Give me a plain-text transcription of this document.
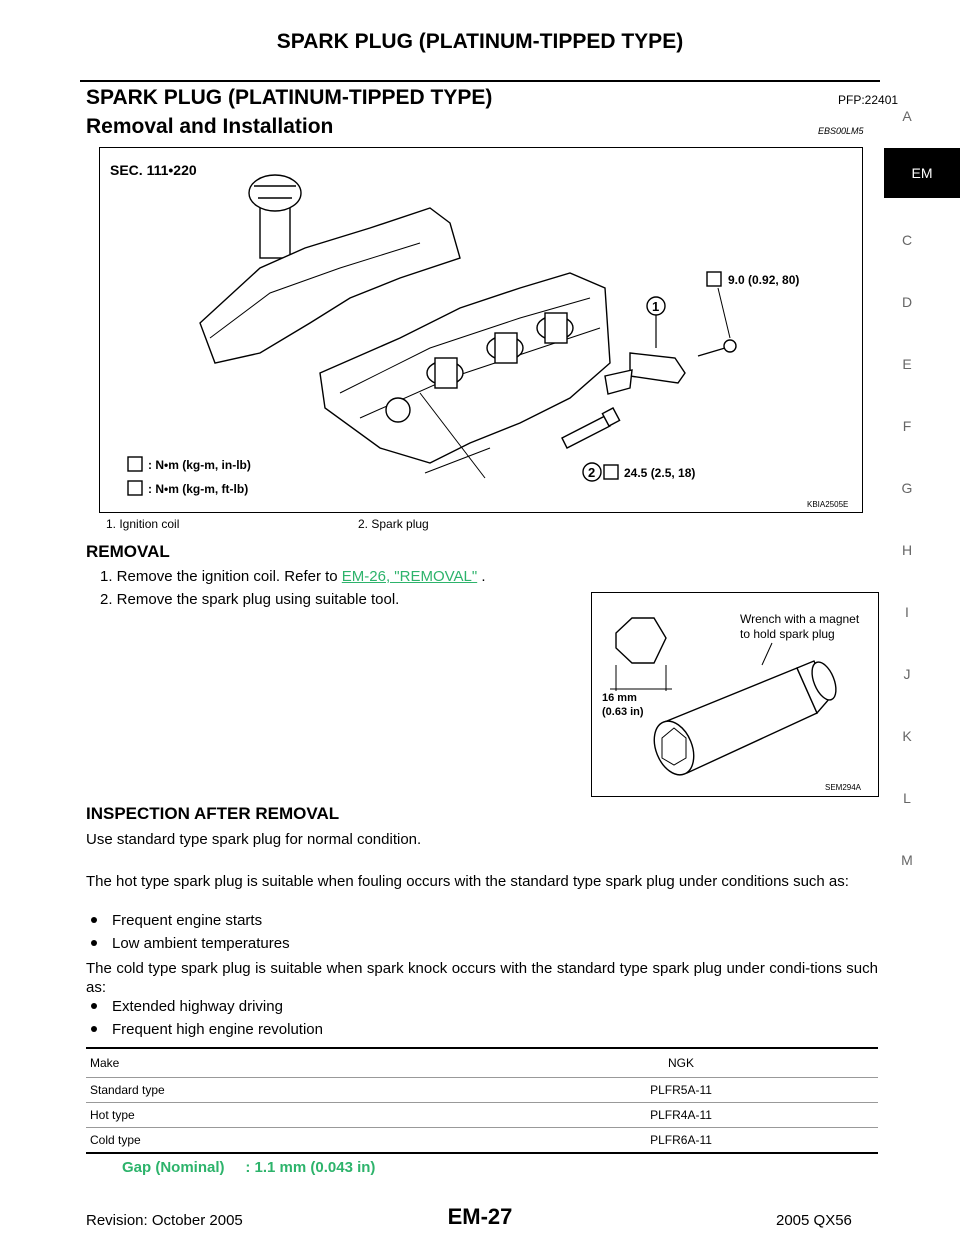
SPARK PLUG (PLATINUM-TIPPED TYPE)
SPARK PLUG (PLATINUM-TIPPED TYPE)	PFP:22401
Removal and Installation	EBS00LM5
A
EM
C
D
E
F
G
H
I
J
K
L
M
SEC. 111•220
1
9.0 (0.92, 80)
2 24.5 (2.5, 18)
: N•m (kg-m, in-lb)
: N•m (kg-m, ft-lb)
KBIA2505E
1. Ignition coil	2. Spark plug
REMOVAL
1. Remove the ignition coil. Refer to EM-26, "REMOVAL" .
2. Remove the spark plug using suitable tool.
Wrench with a magnet
to hold spark plug
16 mm
(0.63 in)
SEM294A
INSPECTION AFTER REMOVAL
Use standard type spark plug for normal condition.
The hot type spark plug is suitable when fouling occurs with the standard type spark plug under conditions such as:
Frequent engine starts
Low ambient temperatures
The cold type spark plug is suitable when spark knock occurs with the standard type spark plug under condi-tions such as:
Extended highway driving
Frequent high engine revolution
Make	NGK
Standard type	PLFR5A-11
Hot type	PLFR4A-11
Cold type	PLFR6A-11
Gap (Nominal) : 1.1 mm (0.043 in)
Revision: October 2005	EM-27	2005 QX56
